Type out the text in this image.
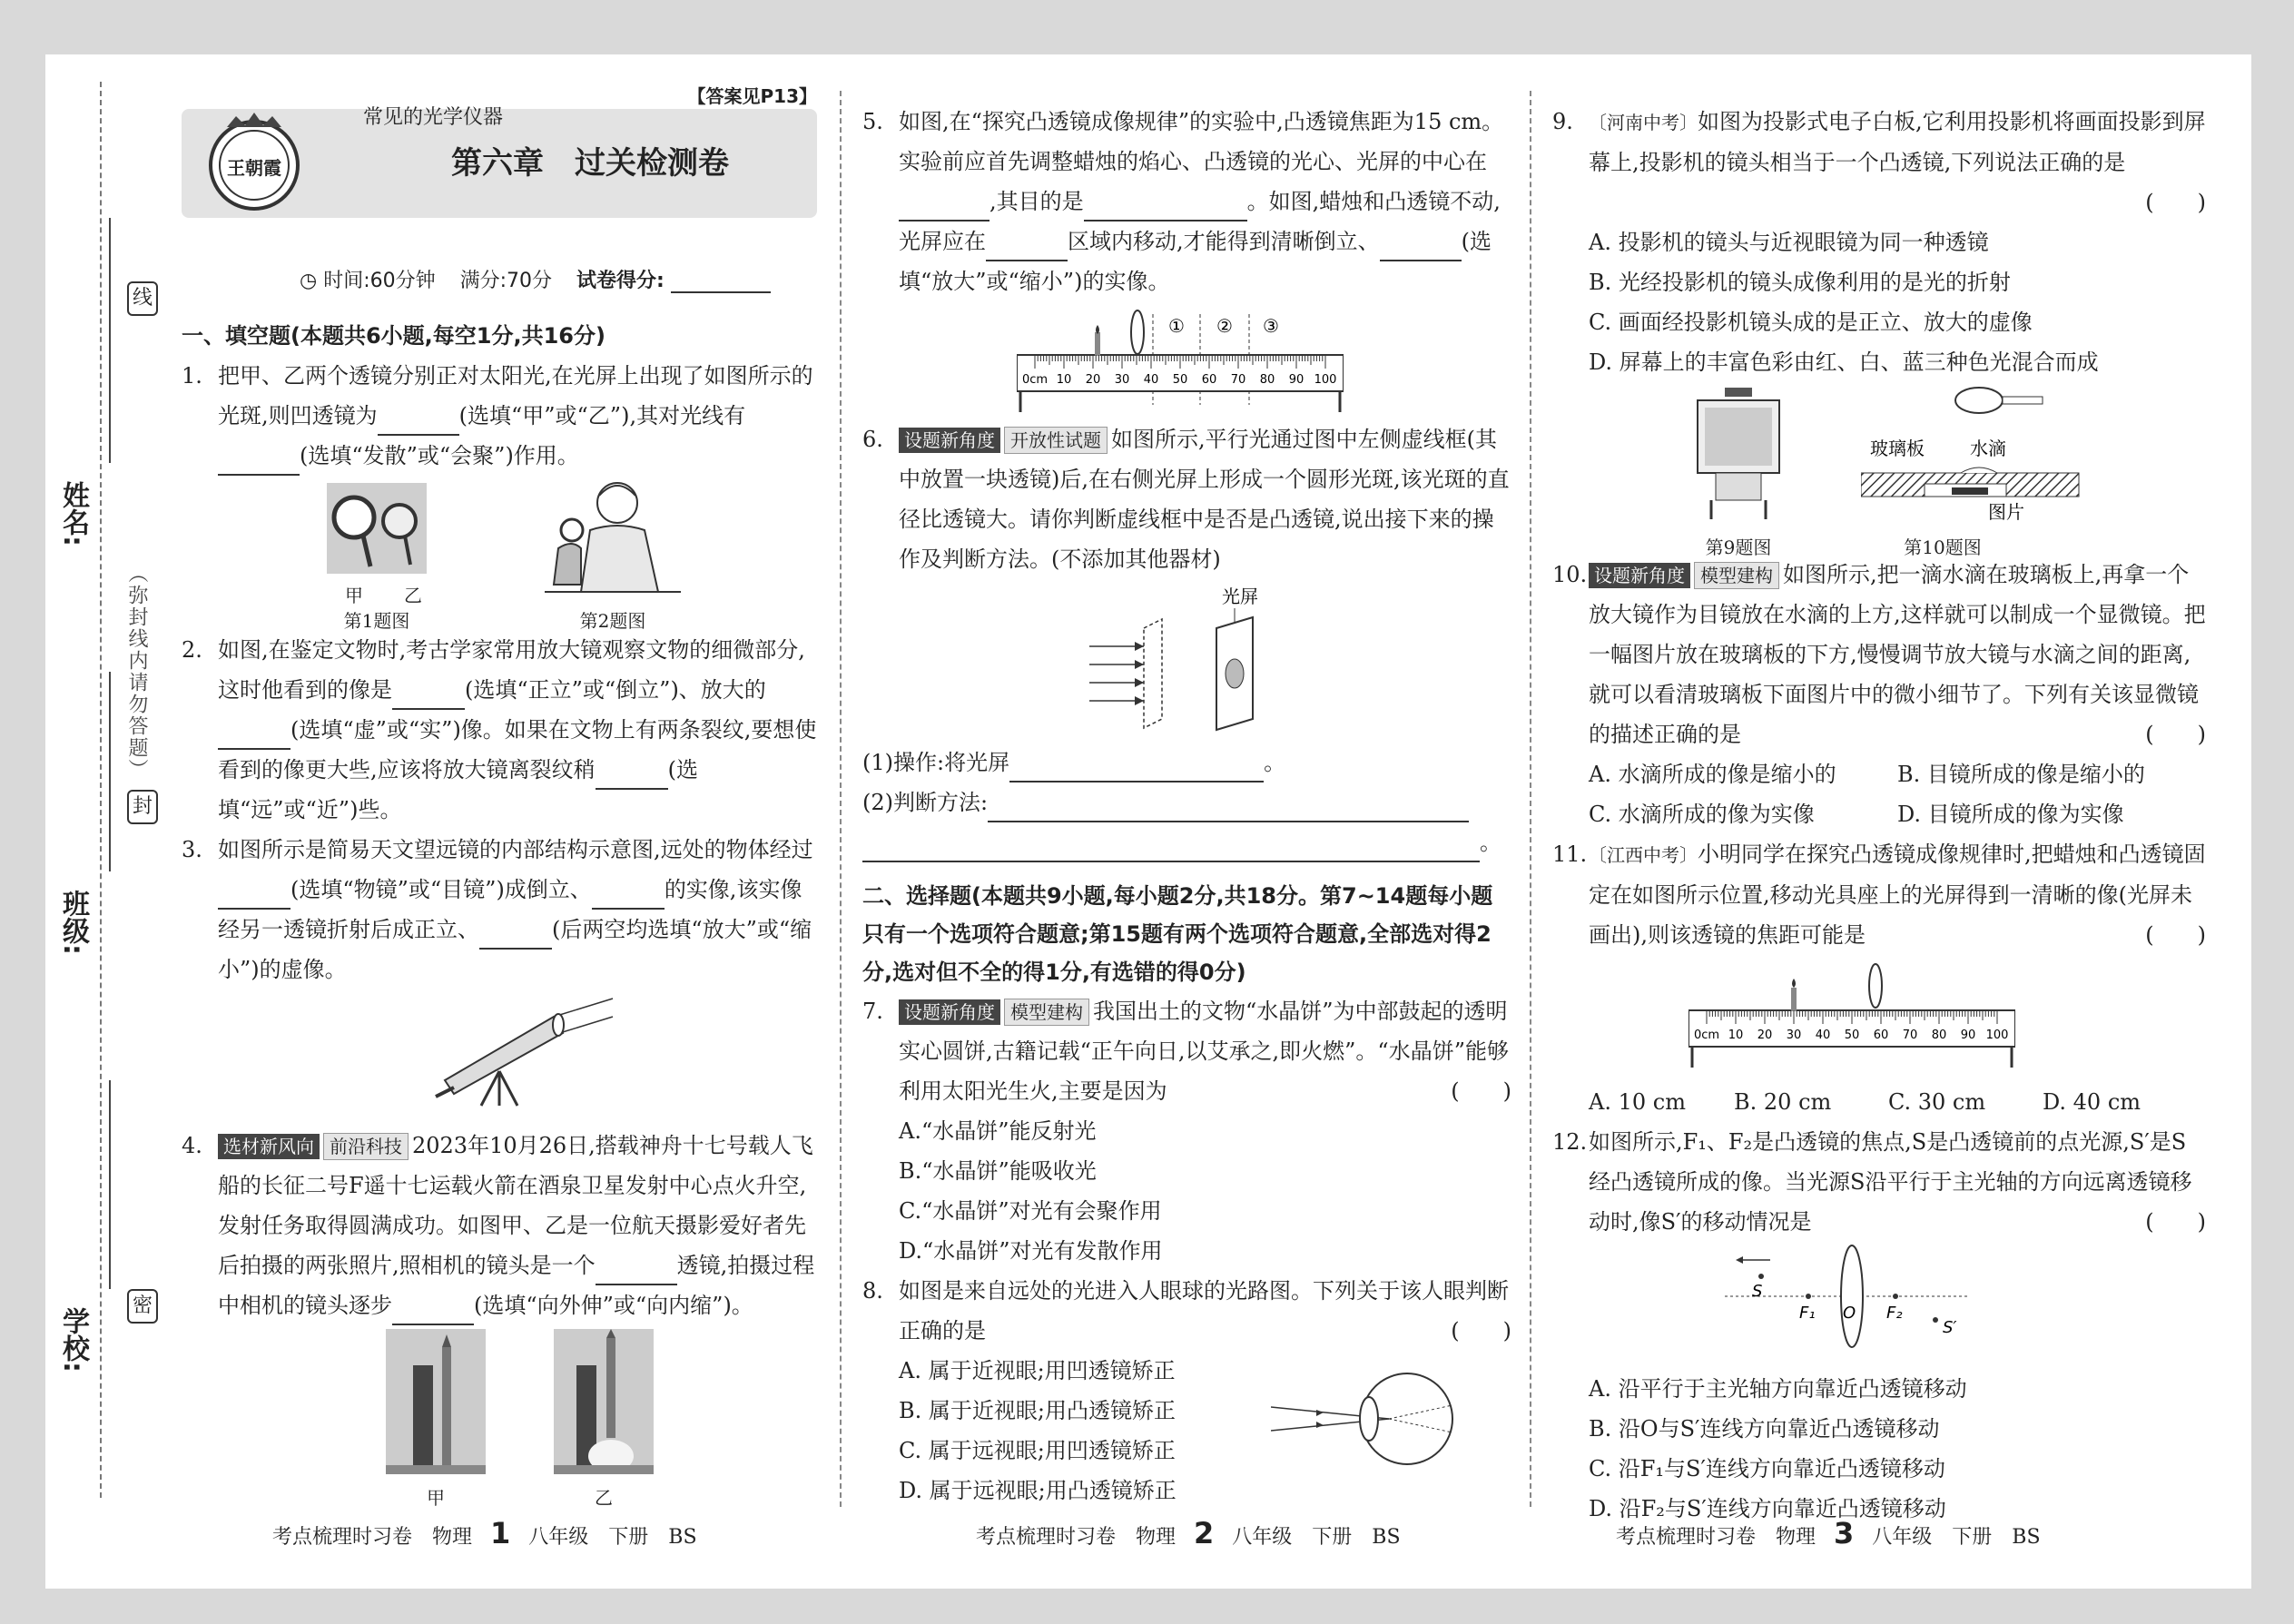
学校:
班级:
姓名:
线
封
密
（弥封线内请勿答题）
【答案见P13】
王朝霞
常见的光学仪器
第六章　过关检测卷
◷ 时间:60分钟 满分:70分 试卷得分:
一、填空题(本题共6小题,每空1分,共16分)
1. 把甲、乙两个透镜分别正对太阳光,在光屏上出现了如图所示的光斑,则凹透镜为	(选填“甲”或“乙”),其对光线有(选填“发散”或“会聚”)作用。
甲 乙
第1题图	第2题图
2. 如图,在鉴定文物时,考古学家常用放大镜观察文物的细微部分,这时他看到的像是	(选填“正立”或“倒立”)、放大的(选填“虚”或“实”)像。如果在文物上有两条裂纹,要想使看到的像更大些,应该将放大镜离裂纹稍	(选填“远”或“近”)些。
3. 如图所示是简易天文望远镜的内部结构示意图,远处的物体经过(选填“物镜”或“目镜”)成倒立、	的实像,该实像经另一透镜折射后成正立、	(后两空均选填“放大”或“缩小”)的虚像。
4. 选材新风向 前沿科技 2023年10月26日,搭载神舟十七号载人飞船的长征二号F遥十七运载火箭在酒泉卫星发射中心点火升空,发射任务取得圆满成功。如图甲、乙是一位航天摄影爱好者先后拍摄的两张照片,照相机的镜头是一个	透镜,拍摄过程中相机的镜头逐步	(选填“向外伸”或“向内缩”)。
甲	乙
5. 如图,在“探究凸透镜成像规律”的实验中,凸透镜焦距为15 cm。实验前应首先调整蜡烛的焰心、凸透镜的光心、光屏的中心在,其目的是	。如图,蜡烛和凸透镜不动,光屏应在	区域内移动,才能得到清晰倒立、	(选填“放大”或“缩小”)的实像。
① ② ③
0cm 10 20 30 40 50 60 70 80 90 100
6. 设题新角度 开放性试题 如图所示,平行光通过图中左侧虚线框(其中放置一块透镜)后,在右侧光屏上形成一个圆形光斑,该光斑的直径比透镜大。请你判断虚线框中是否是凸透镜,说出接下来的操作及判断方法。(不添加其他器材)
光屏
(1)操作:将光屏	。
(2)判断方法:
。
二、选择题(本题共9小题,每小题2分,共18分。第7~14题每小题只有一个选项符合题意;第15题有两个选项符合题意,全部选对得2分,选对但不全的得1分,有选错的得0分)
7. 设题新角度 模型建构 我国出土的文物“水晶饼”为中部鼓起的透明实心圆饼,古籍记载“正午向日,以艾承之,即火燃”。“水晶饼”能够利用太阳光生火,主要是因为	(　　)
A.“水晶饼”能反射光
B.“水晶饼”能吸收光
C.“水晶饼”对光有会聚作用
D.“水晶饼”对光有发散作用
8. 如图是来自远处的光进入人眼球的光路图。下列关于该人眼判断正确的是	(　　)
A. 属于近视眼;用凹透镜矫正
B. 属于近视眼;用凸透镜矫正
C. 属于远视眼;用凹透镜矫正
D. 属于远视眼;用凸透镜矫正
9. 〔河南中考〕如图为投影式电子白板,它利用投影机将画面投影到屏幕上,投影机的镜头相当于一个凸透镜,下列说法正确的是
(　　)
A. 投影机的镜头与近视眼镜为同一种透镜
B. 光经投影机的镜头成像利用的是光的折射
C. 画面经投影机镜头成的是正立、放大的虚像
D. 屏幕上的丰富色彩由红、白、蓝三种色光混合而成
第9题图
玻璃板	水滴
图片
第10题图
10. 设题新角度 模型建构 如图所示,把一滴水滴在玻璃板上,再拿一个放大镜作为目镜放在水滴的上方,这样就可以制成一个显微镜。把一幅图片放在玻璃板的下方,慢慢调节放大镜与水滴之间的距离,就可以看清玻璃板下面图片中的微小细节了。下列有关该显微镜的描述正确的是	(　　)
A. 水滴所成的像是缩小的	B. 目镜所成的像是缩小的
C. 水滴所成的像为实像	D. 目镜所成的像为实像
11. 〔江西中考〕小明同学在探究凸透镜成像规律时,把蜡烛和凸透镜固定在如图所示位置,移动光具座上的光屏得到一清晰的像(光屏未画出),则该透镜的焦距可能是	(　　)
0cm 10 20 30 40 50 60 70 80 90 100
A. 10 cm	B. 20 cm	C. 30 cm	D. 40 cm
12. 如图所示,F₁、F₂是凸透镜的焦点,S是凸透镜前的点光源,S′是S经凸透镜所成的像。当光源S沿平行于主光轴的方向远离透镜移动时,像S′的移动情况是	(　　)
S
F₁ O F₂
S′
A. 沿平行于主光轴方向靠近凸透镜移动
B. 沿O与S′连线方向靠近凸透镜移动
C. 沿F₁与S′连线方向靠近凸透镜移动
D. 沿F₂与S′连线方向靠近凸透镜移动
考点梳理时习卷　物理 1 八年级　下册　BS	考点梳理时习卷　物理 2 八年级　下册　BS	考点梳理时习卷　物理 3 八年级　下册　BS
